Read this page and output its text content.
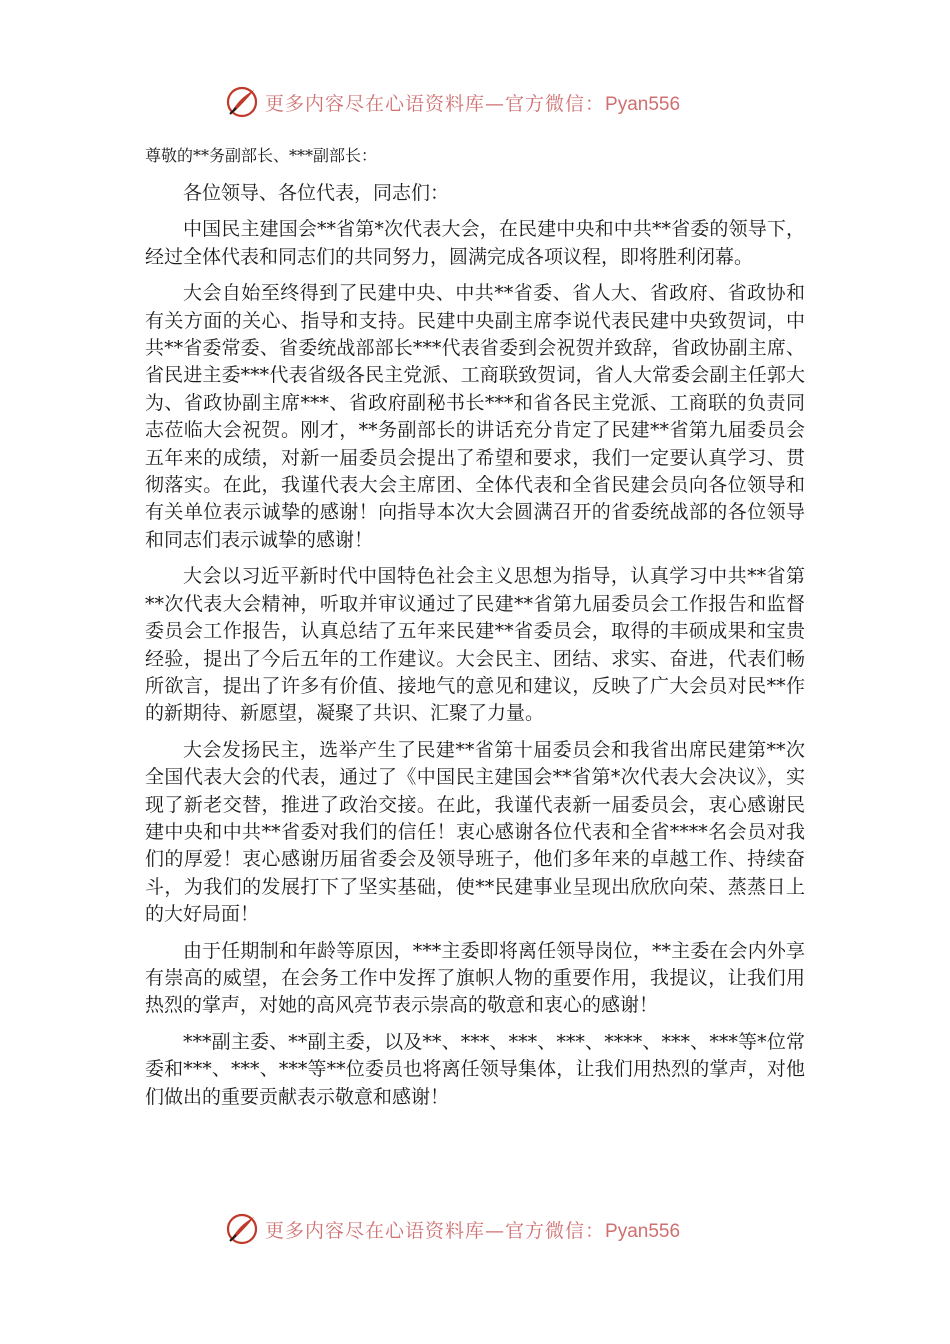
更多内容尽在心语资料库—官方微信：Pyan556

尊敬的**务副部长、***副部长：

各位领导、各位代表，同志们：

中国民主建国会**省第*次代表大会，在民建中央和中共**省委的领导下，经过全体代表和同志们的共同努力，圆满完成各项议程，即将胜利闭幕。

大会自始至终得到了民建中央、中共**省委、省人大、省政府、省政协和有关方面的关心、指导和支持。民建中央副主席李说代表民建中央致贺词，中共**省委常委、省委统战部部长***代表省委到会祝贺并致辞，省政协副主席、省民进主委***代表省级各民主党派、工商联致贺词，省人大常委会副主任郭大为、省政协副主席***、省政府副秘书长***和省各民主党派、工商联的负责同志莅临大会祝贺。刚才，**务副部长的讲话充分肯定了民建**省第九届委员会五年来的成绩，对新一届委员会提出了希望和要求，我们一定要认真学习、贯彻落实。在此，我谨代表大会主席团、全体代表和全省民建会员向各位领导和有关单位表示诚挚的感谢！向指导本次大会圆满召开的省委统战部的各位领导和同志们表示诚挚的感谢！

大会以习近平新时代中国特色社会主义思想为指导，认真学习中共**省第**次代表大会精神，听取并审议通过了民建**省第九届委员会工作报告和监督委员会工作报告，认真总结了五年来民建**省委员会，取得的丰硕成果和宝贵经验，提出了今后五年的工作建议。大会民主、团结、求实、奋进，代表们畅所欲言，提出了许多有价值、接地气的意见和建议，反映了广大会员对民**作的新期待、新愿望，凝聚了共识、汇聚了力量。

大会发扬民主，选举产生了民建**省第十届委员会和我省出席民建第**次全国代表大会的代表，通过了《中国民主建国会**省第*次代表大会决议》，实现了新老交替，推进了政治交接。在此，我谨代表新一届委员会，衷心感谢民建中央和中共**省委对我们的信任！衷心感谢各位代表和全省****名会员对我们的厚爱！衷心感谢历届省委会及领导班子，他们多年来的卓越工作、持续奋斗，为我们的发展打下了坚实基础，使**民建事业呈现出欣欣向荣、蒸蒸日上的大好局面！

由于任期制和年龄等原因，***主委即将离任领导岗位，**主委在会内外享有崇高的威望，在会务工作中发挥了旗帜人物的重要作用，我提议，让我们用热烈的掌声，对她的高风亮节表示崇高的敬意和衷心的感谢！

***副主委、**副主委，以及**、***、***、***、****、***、***等*位常委和***、***、***等**位委员也将离任领导集体，让我们用热烈的掌声，对他们做出的重要贡献表示敬意和感谢！

更多内容尽在心语资料库—官方微信：Pyan556
